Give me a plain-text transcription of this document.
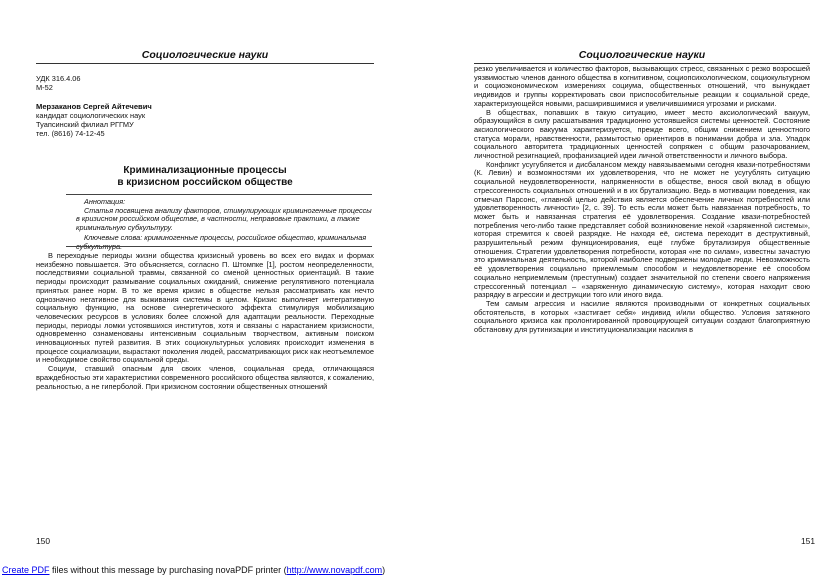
Социологические науки
УДК 316.4.06
М-52
Мерзаканов Сергей Айтечевич
кандидат социологических наук
Туапсинский филиал РГГМУ
тел. (8616) 74-12-45
Криминализационные процессы
в кризисном российском обществе

Аннотация:

Статья посвящена анализу факторов, стимулирующих криминогенные процессы в кризисном российском обществе, в частности, неправовые практики, а также криминальную субкультуру.

Ключевые слова: криминогенные процессы, российское общество, криминальная

В переходные периоды жизни общества кризисный уровень во всех его видах и формах неизбежно повышается. Это объясняется, согласно П. Штомпке [1], ростом неопределенности, последствиями социальной травмы, связанной со сменой ценностных ориентаций. В такие периоды происходит размывание социальных ожиданий, снижение регулятивного потенциала принятых ранее норм. В то же время кризис в обществе нельзя рассматривать как нечто однозначно негативное для выживания системы в целом. Кризис выполняет интегративную социальную функцию, на основе синергетического эффекта стимулируя мобилизацию человеческих ресурсов в условиях более сложной для адаптации реальности. Переходные периоды, периоды ломки устоявшихся институтов, хотя и связаны с нарастанием кризисности, одновременно ознаменованы интенсивным социальным творчеством, активным поиском инновационных путей развития. В этих социокультурных условиях происходит изменения в процессе социализации, вырастают поколения людей, рассматривающих риск как неотъемлемое и необходимое свойство социальной среды.

Социум, ставший опасным для своих членов, социальная среда, отличающаяся враждебностью эти характеристики современного российского общества являются, к сожалению, реальностью, а не гиперболой. При кризисном состоянии общественных отношений

150
Социологические науки

резко увеличивается и количество факторов, вызывающих стресс, связанных с резко возросшей уязвимостью членов данного общества в когнитивном, социопсихологическом, социокультурном и социоэкономическом измерениях социума, общественных отношений, что вынуждает индивидов и группы корректировать свои приспособительные реакции к социальной среде, характеризующейся новыми, расширившимися и увеличившимися угрозами и рисками.

В обществах, попавших в такую ситуацию, имеет место аксиологический вакуум, образующийся в силу расшатывания традиционно устоявшейся системы ценностей. Состояние аксиологического вакуума характеризуется, прежде всего, общим снижением ценностного статуса морали, нравственности, размытостью ориентиров в понимании добра и зла. Упадок социального авторитета традиционных ценностей сопряжен с общим разочарованием, личностной резигнацией, профанизацией идеи личной ответственности и личного выбора.

Конфликт усугубляется и дисбалансом между навязываемыми сегодня квази-потребностями (К. Левин) и возможностями их удовлетворения, что не может не усугублять ситуацию социальной неудовлетворенности, напряженности в обществе, внося свой вклад в общую стрессогенность социальных отношений и в их брутализацию. Ведь в мотивации поведения, как отмечал Парсонс, «главной целью действия является обеспечение личных потребностей или удовлетворенность личности» [2, с. 39]. То есть если может быть навязанная потребность, то может быть и навязанная стратегия её удовлетворения. Создание квази-потребностей потребления чего-либо также представляет собой возникновение некой «заряженной системы», которая стремится к своей разрядке. Не находя её, система переходит в деструктивный, разрушительный режим функционирования, ещё глубже брутализируя общественные отношения. Стратегии удовлетворения потребности, которая «не по силам», известны зачастую это криминальная деятельность, которой наиболее подвержены молодые люди. Невозможность её удовлетворения социально приемлемым способом и неудовлетворение её способом социально неприемлемым (преступным) создает значительной по степени своего напряжения стрессогенный потенциал – «заряженную динамическую систему», которая находит свою разрядку в агрессии и деструкции того или иного вида.

Тем самым агрессия и насилие являются производными от конкретных социальных обстоятельств, в которых «застигает себя» индивид и/или общество. Условия затяжного социального кризиса как пролонгированной провоцирующей ситуации создают благоприятную обстановку для рутинизации и институционализации насилия в

151
Create PDF files without this message by purchasing novaPDF printer (http://www.novapdf.com)
